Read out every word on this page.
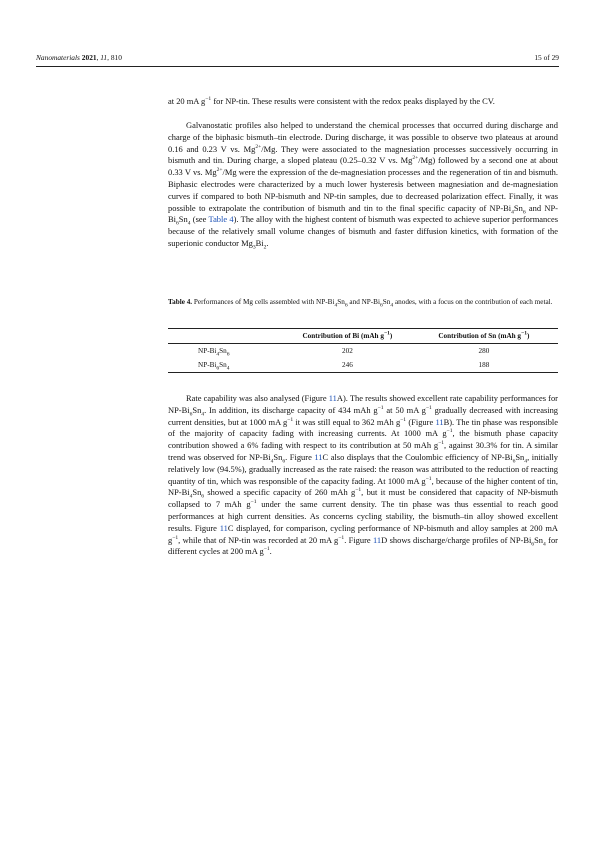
Nanomaterials 2021, 11, 810	15 of 29

at 20 mA $g^{-1}$ for NP-tin. These results were consistent with the redox peaks displayed by the CV.

Galvanostatic profiles also helped to understand the chemical processes that occurred during discharge and charge of the biphasic bismuth–tin electrode. During discharge, it was possible to observe two plateaus at around 0.16 and 0.23 V vs. $Mg^{2+}/Mg$. They were associated to the magnesiation processes successively occurring in bismuth and tin. During charge, a sloped plateau (0.25–0.32 V vs. $Mg^{2+}/Mg$) followed by a second one at about 0.33 V vs. $Mg^{2+}/Mg$ were the expression of the de-magnesiation processes and the regeneration of tin and bismuth. Biphasic electrodes were characterized by a much lower hysteresis between magnesiation and de-magnesiation curves if compared to both NP-bismuth and NP-tin samples, due to decreased polarization effect. Finally, it was possible to extrapolate the contribution of bismuth and tin to the final specific capacity of $NP-Bi_4Sn_6$ and $NP-Bi_6Sn_4$ (see Table 4). The alloy with the highest content of bismuth was expected to achieve superior performances because of the relatively small volume changes of bismuth and faster diffusion kinetics, with formation of the superionic conductor $Mg_3Bi_2$.

Table 4. Performances of Mg cells assembled with $NP-Bi_4Sn_6$ and $NP-Bi_6Sn_4$ anodes, with a focus on the contribution of each metal.
	Contribution of Bi (mAh $g^{-1}$)	Contribution of Sn (mAh $g^{-1}$)
$NP-Bi_4Sn_6$	202	280
$NP-Bi_6Sn_4$	246	188

Rate capability was also analysed (Figure 11A). The results showed excellent rate capability performances for $NP-Bi_6Sn_4$. In addition, its discharge capacity of 434 mAh $g^{-1}$ at 50 mA $g^{-1}$ gradually decreased with increasing current densities, but at 1000 mA $g^{-1}$ it was still equal to 362 mAh $g^{-1}$ (Figure 11B). The tin phase was responsible of the majority of capacity fading with increasing currents. At 1000 mA $g^{-1}$, the bismuth phase capacity contribution showed a 6% fading with respect to its contribution at 50 mAh $g^{-1}$, against 30.3% for tin. A similar trend was observed for $NP-Bi_4Sn_6$. Figure 11C also displays that the Coulombic efficiency of $NP-Bi_6Sn_4$, initially relatively low (94.5%), gradually increased as the rate raised: the reason was attributed to the reduction of reacting quantity of tin, which was responsible of the capacity fading. At 1000 mA $g^{-1}$, because of the higher content of tin, $NP-Bi_4Sn_6$ showed a specific capacity of 260 mAh $g^{-1}$, but it must be considered that capacity of NP-bismuth collapsed to 7 mAh $g^{-1}$ under the same current density. The tin phase was thus essential to reach good performances at high current densities. As concerns cycling stability, the bismuth–tin alloy showed excellent results. Figure 11C displayed, for comparison, cycling performance of NP-bismuth and alloy samples at 200 mA $g^{-1}$, while that of NP-tin was recorded at 20 mA $g^{-1}$. Figure 11D shows discharge/charge profiles of $NP-Bi_6Sn_4$ for different cycles at 200 mA $g^{-1}$.
